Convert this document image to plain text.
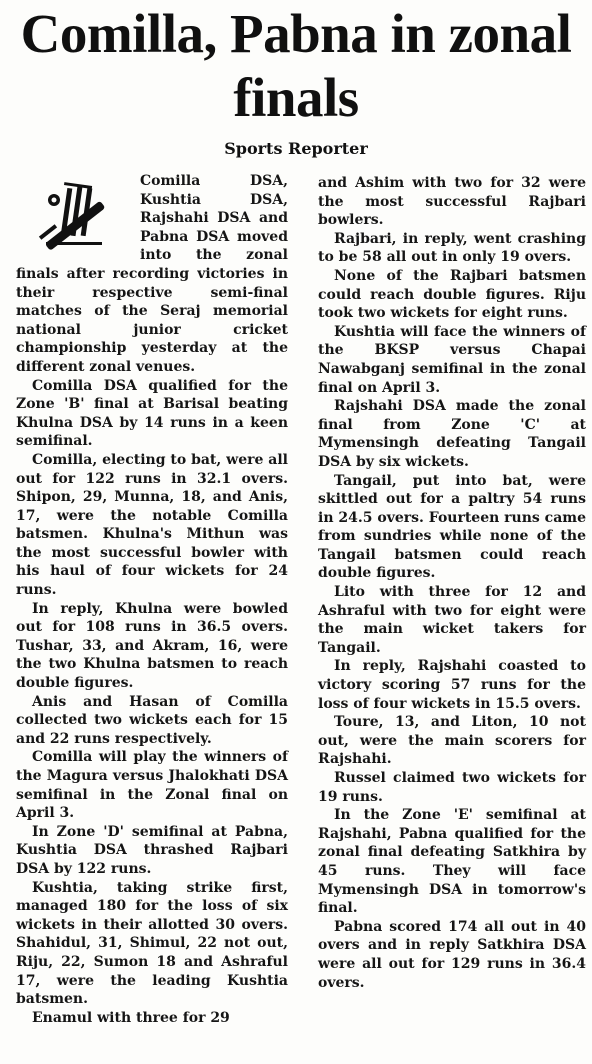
Comilla, Pabna in zonal finals
Sports Reporter

Comilla DSA, Kushtia DSA, Rajshahi DSA and Pabna DSA moved into the zonal finals after recording victories in their respective semi-final matches of the Seraj memorial national junior cricket championship yesterday at the different zonal venues.

Comilla DSA qualified for the Zone 'B' final at Barisal beating Khulna DSA by 14 runs in a keen semifinal.

Comilla, electing to bat, were all out for 122 runs in 32.1 overs. Shipon, 29, Munna, 18, and Anis, 17, were the notable Comilla batsmen. Khulna's Mithun was the most successful bowler with his haul of four wickets for 24 runs.

In reply, Khulna were bowled out for 108 runs in 36.5 overs. Tushar, 33, and Akram, 16, were the two Khulna batsmen to reach double figures.

Anis and Hasan of Comilla collected two wickets each for 15 and 22 runs respectively.

Comilla will play the winners of the Magura versus Jhalokhati DSA semifinal in the Zonal final on April 3.

In Zone 'D' semifinal at Pabna, Kushtia DSA thrashed Rajbari DSA by 122 runs.

Kushtia, taking strike first, managed 180 for the loss of six wickets in their allotted 30 overs. Shahidul, 31, Shimul, 22 not out, Riju, 22, Sumon 18 and Ashraful 17, were the leading Kushtia batsmen.

Enamul with three for 29

and Ashim with two for 32 were the most successful Rajbari bowlers.

Rajbari, in reply, went crashing to be 58 all out in only 19 overs.

None of the Rajbari batsmen could reach double figures. Riju took two wickets for eight runs.

Kushtia will face the winners of the BKSP versus Chapai Nawabganj semifinal in the zonal final on April 3.

Rajshahi DSA made the zonal final from Zone 'C' at Mymensingh defeating Tangail DSA by six wickets.

Tangail, put into bat, were skittled out for a paltry 54 runs in 24.5 overs. Fourteen runs came from sundries while none of the Tangail batsmen could reach double figures.

Lito with three for 12 and Ashraful with two for eight were the main wicket takers for Tangail.

In reply, Rajshahi coasted to victory scoring 57 runs for the loss of four wickets in 15.5 overs.

Toure, 13, and Liton, 10 not out, were the main scorers for Rajshahi.

Russel claimed two wickets for 19 runs.

In the Zone 'E' semifinal at Rajshahi, Pabna qualified for the zonal final defeating Satkhira by 45 runs. They will face Mymensingh DSA in tomorrow's final.

Pabna scored 174 all out in 40 overs and in reply Satkhira DSA were all out for 129 runs in 36.4 overs.
